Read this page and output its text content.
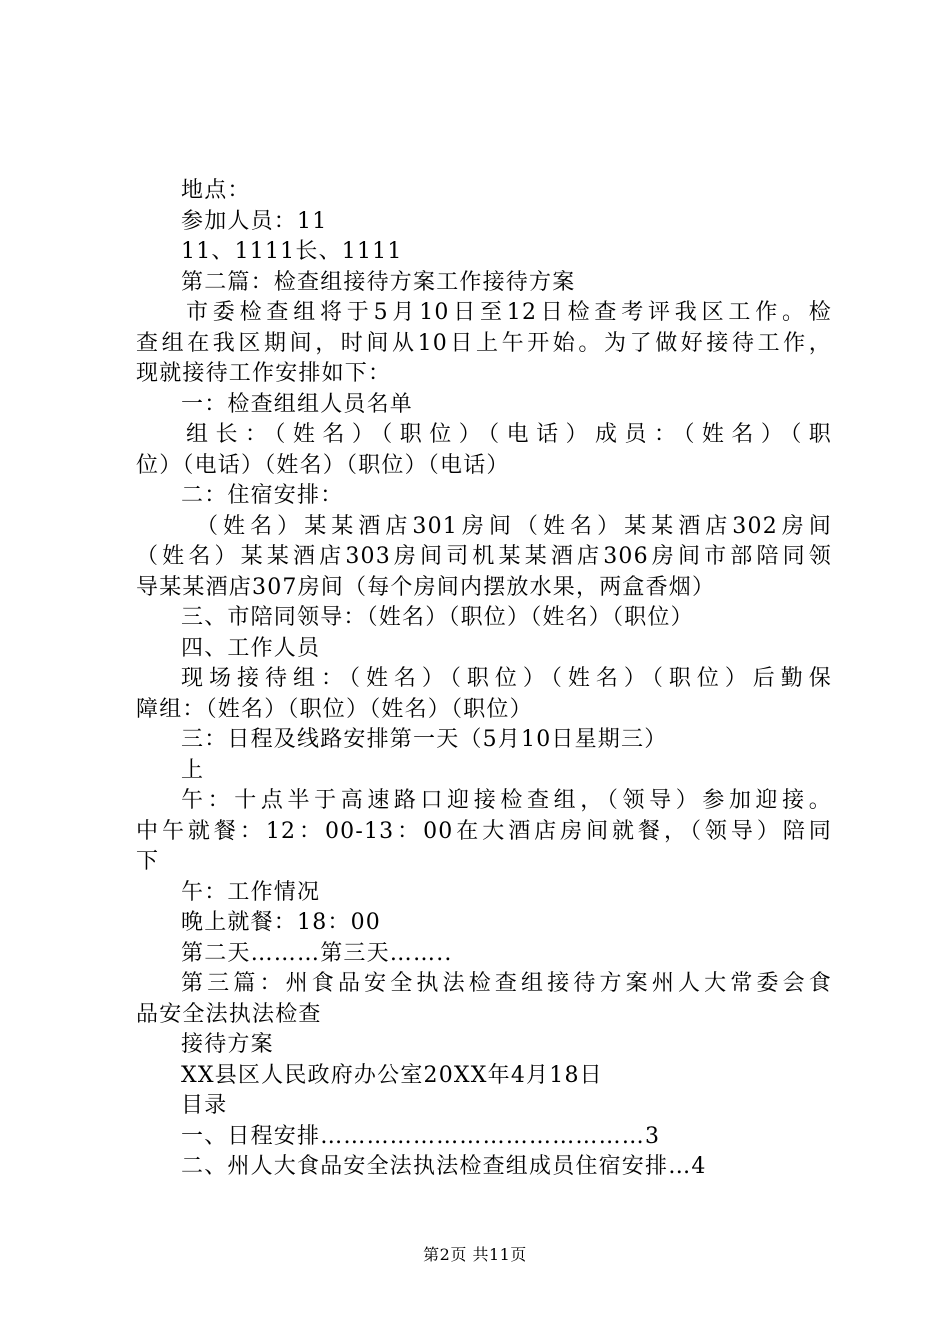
地点：
参加人员：11
11、1111长、1111
第二篇：检查组接待方案工作接待方案
市委检查组将于5月10日至12日检查考评我区工作。检
查组在我区期间，时间从10日上午开始。为了做好接待工作，
现就接待工作安排如下：
一：检查组组人员名单
组长：（姓名）（职位）（电话）成员：（姓名）（职
位）（电话）（姓名）（职位）（电话）
二：住宿安排：
（姓名）某某酒店301房间（姓名）某某酒店302房间
（姓名）某某酒店303房间司机某某酒店306房间市部陪同领
导某某酒店307房间（每个房间内摆放水果，两盒香烟）
三、市陪同领导：（姓名）（职位）（姓名）（职位）
四、工作人员
现场接待组：（姓名）（职位）（姓名）（职位）后勤保
障组：（姓名）（职位）（姓名）（职位）
三：日程及线路安排第一天（5月10日星期三）
上
午：十点半于高速路口迎接检查组，（领导）参加迎接。
中午就餐：12：00-13：00在大酒店房间就餐，（领导）陪同
下
午：工作情况
晚上就餐：18：00
第二天………第三天……..
第三篇：州食品安全执法检查组接待方案州人大常委会食
品安全法执法检查
接待方案
XX县区人民政府办公室20XX年4月18日
目录
一、日程安排……………………………………3
二、州人大食品安全法执法检查组成员住宿安排…4
第2页 共11页
